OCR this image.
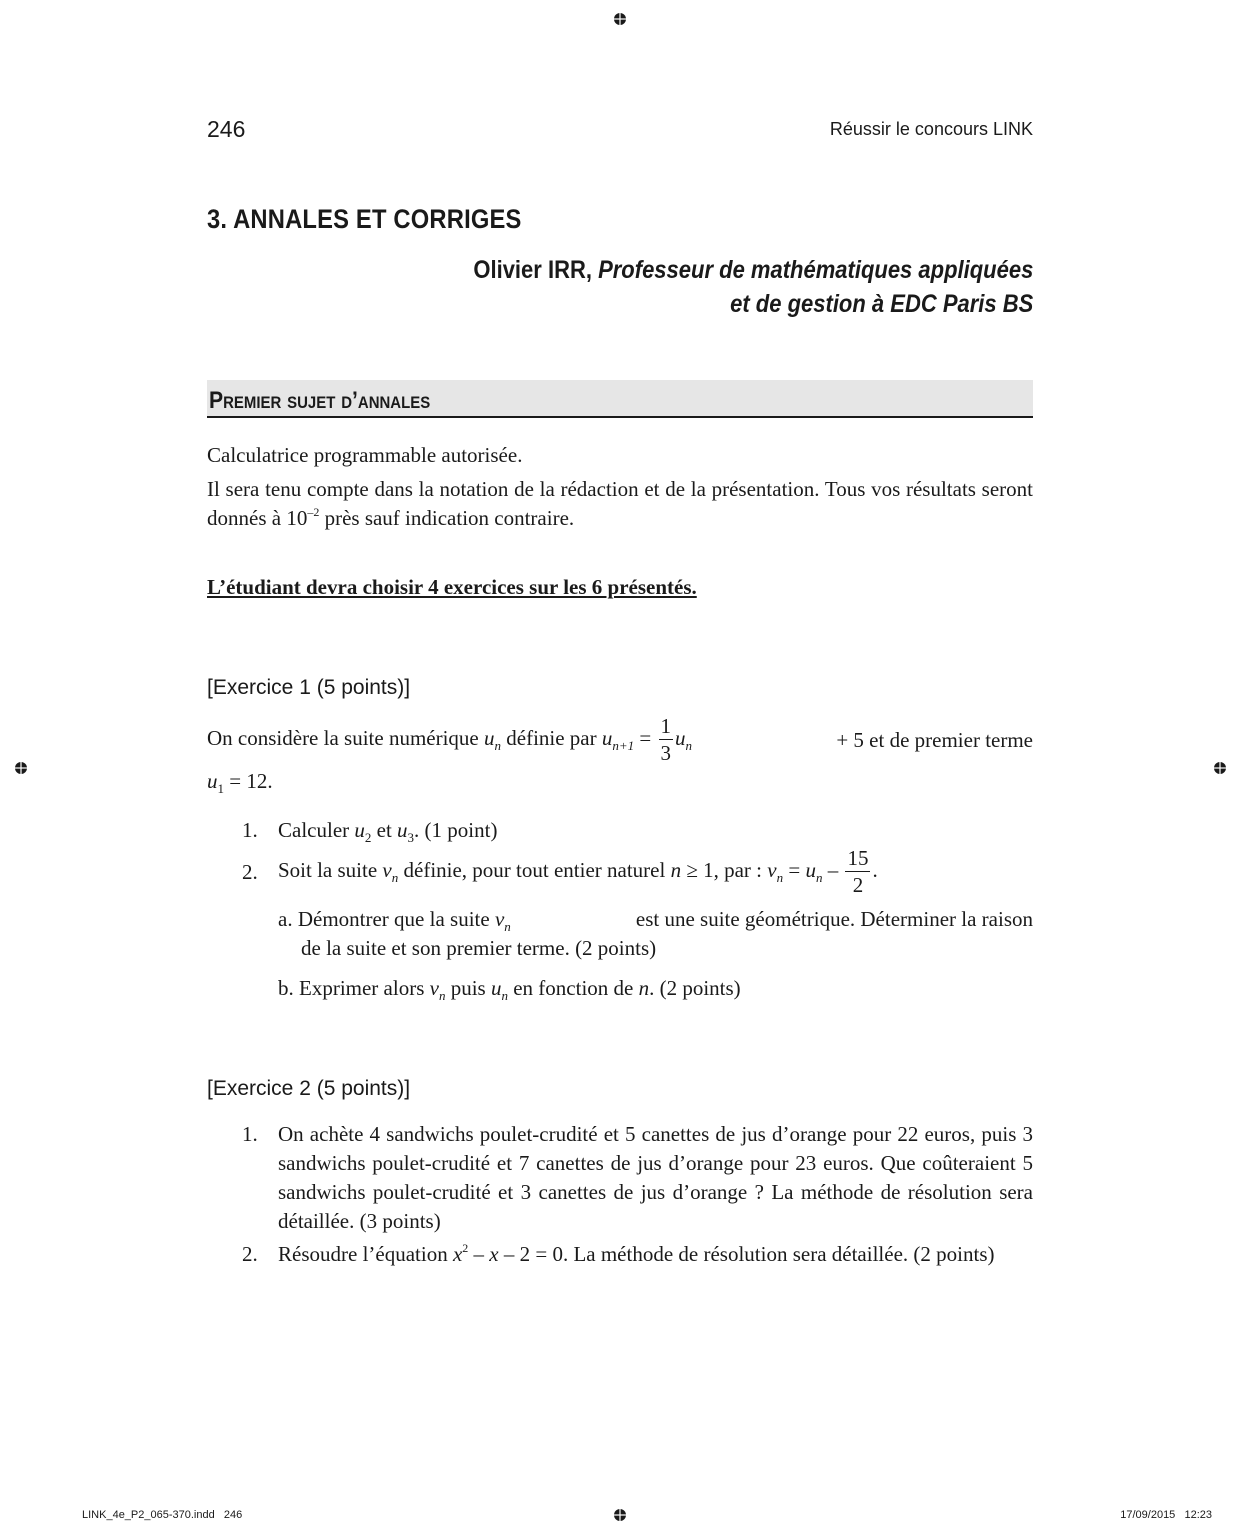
246	Réussir le concours LINK
3. ANNALES ET CORRIGES
Olivier IRR, Professeur de mathématiques appliquées
et de gestion à EDC Paris BS
Premier sujet d’annales
Calculatrice programmable autorisée.
Il sera tenu compte dans la notation de la rédaction et de la présentation. Tous vos résultats seront donnés à $10^{-2}$ près sauf indication contraire.
L’étudiant devra choisir 4 exercices sur les 6 présentés.
[Exercice 1 (5 points)]
On considère la suite numérique $u_n$ définie par $u_{n+1} = \frac{1}{3} u_n$	+ 5 et de premier terme
$u_1 = 12$.
1. Calculer $u_2$ et $u_3$. (1 point)
2. Soit la suite $v_n$ définie, pour tout entier naturel n ≥ 1, par : $v_n = u_n - \frac{15}{2}$ .
a. Démontrer que la suite $v_n$	est une suite géométrique. Déterminer la raison
de la suite et son premier terme. (2 points)
b. Exprimer alors $v_n$ puis $u_n$ en fonction de n. (2 points)
[Exercice 2 (5 points)]
1. On achète 4 sandwichs poulet-crudité et 5 canettes de jus d’orange pour 22 euros, puis 3 sandwichs poulet-crudité et 7 canettes de jus d’orange pour 23 euros. Que coûteraient 5 sandwichs poulet-crudité et 3 canettes de jus d’orange ? La méthode de résolution sera détaillée. (3 points)
2. Résoudre l’équation $x^2 - x - 2 = 0$. La méthode de résolution sera détaillée. (2 points)
LINK_4e_P2_065-370.indd   246	17/09/2015   12:23
